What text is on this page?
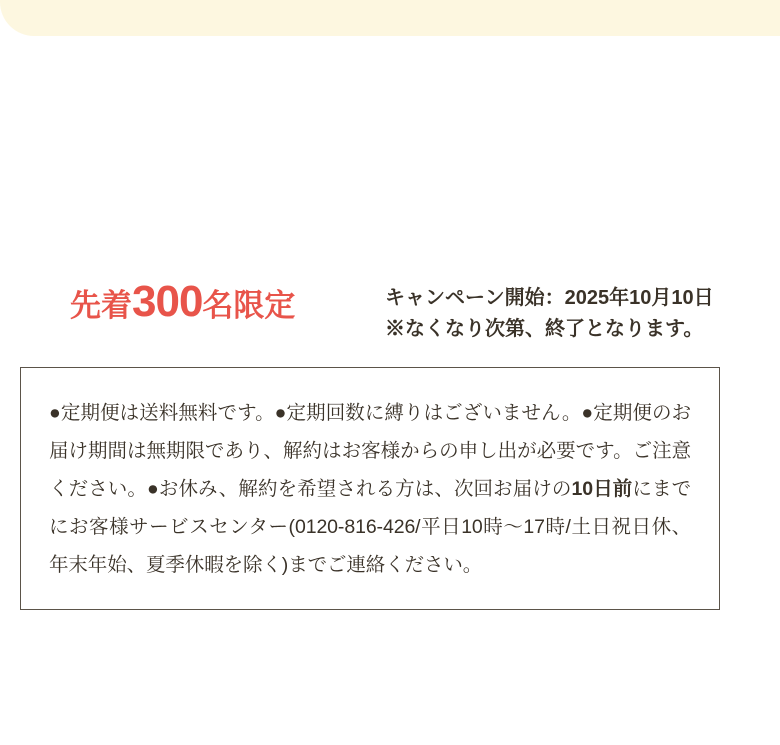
先着 300 名限定	キャンペーン開始：2025年10月10日
※なくなり次第、終了となります。
●定期便は送料無料です。●定期回数に縛りはございません。●定期便のお届け期間は無期限であり、解約はお客様からの申し出が必要です。ご注意ください。●お休み、解約を希望される方は、次回お届けの10日前にまでにお客様サービスセンター(0120-816-426/平日10時〜17時/土日祝日休、年末年始、夏季休暇を除く)までご連絡ください。
